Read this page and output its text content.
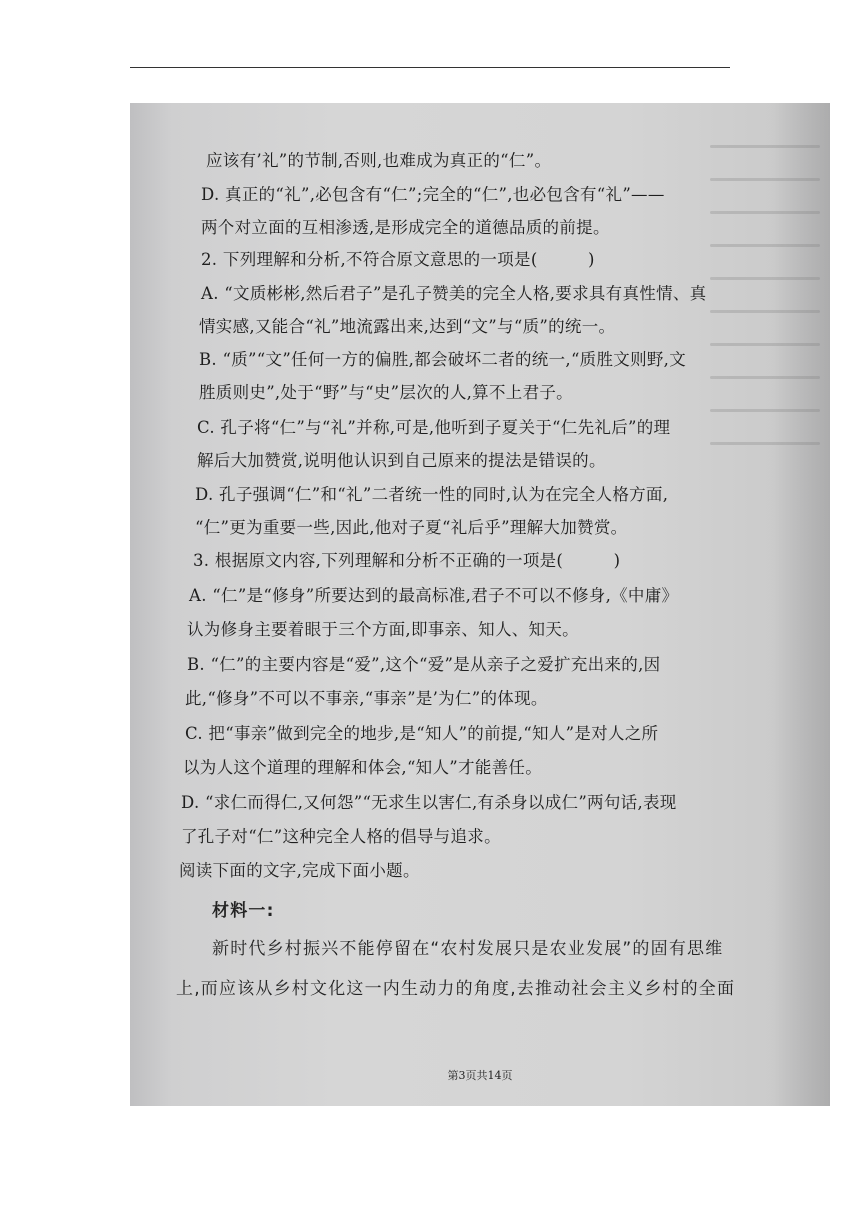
应该有’礼”的节制,否则,也难成为真正的“仁”。

D. 真正的“礼”,必包含有“仁”;完全的“仁”,也必包含有“礼”——

两个对立面的互相渗透,是形成完全的道德品质的前提。

2. 下列理解和分析,不符合原文意思的一项是(　　　)

A. “文质彬彬,然后君子”是孔子赞美的完全人格,要求具有真性情、真

情实感,又能合“礼”地流露出来,达到“文”与“质”的统一。

B. “质”“文”任何一方的偏胜,都会破坏二者的统一,“质胜文则野,文

胜质则史”,处于“野”与“史”层次的人,算不上君子。

C. 孔子将“仁”与“礼”并称,可是,他听到子夏关于“仁先礼后”的理

解后大加赞赏,说明他认识到自己原来的提法是错误的。

D. 孔子强调“仁”和“礼”二者统一性的同时,认为在完全人格方面,

“仁”更为重要一些,因此,他对子夏“礼后乎”理解大加赞赏。

3. 根据原文内容,下列理解和分析不正确的一项是(　　　)

A. “仁”是“修身”所要达到的最高标准,君子不可以不修身,《中庸》

认为修身主要着眼于三个方面,即事亲、知人、知天。

B. “仁”的主要内容是“爱”,这个“爱”是从亲子之爱扩充出来的,因

此,“修身”不可以不事亲,“事亲”是’为仁”的体现。

C. 把“事亲”做到完全的地步,是“知人”的前提,“知人”是对人之所

以为人这个道理的理解和体会,“知人”才能善任。

D. “求仁而得仁,又何怨”“无求生以害仁,有杀身以成仁”两句话,表现

了孔子对“仁”这种完全人格的倡导与追求。

阅读下面的文字,完成下面小题。

材料一:

新时代乡村振兴不能停留在“农村发展只是农业发展”的固有思维

上,而应该从乡村文化这一内生动力的角度,去推动社会主义乡村的全面

第3页共14页
